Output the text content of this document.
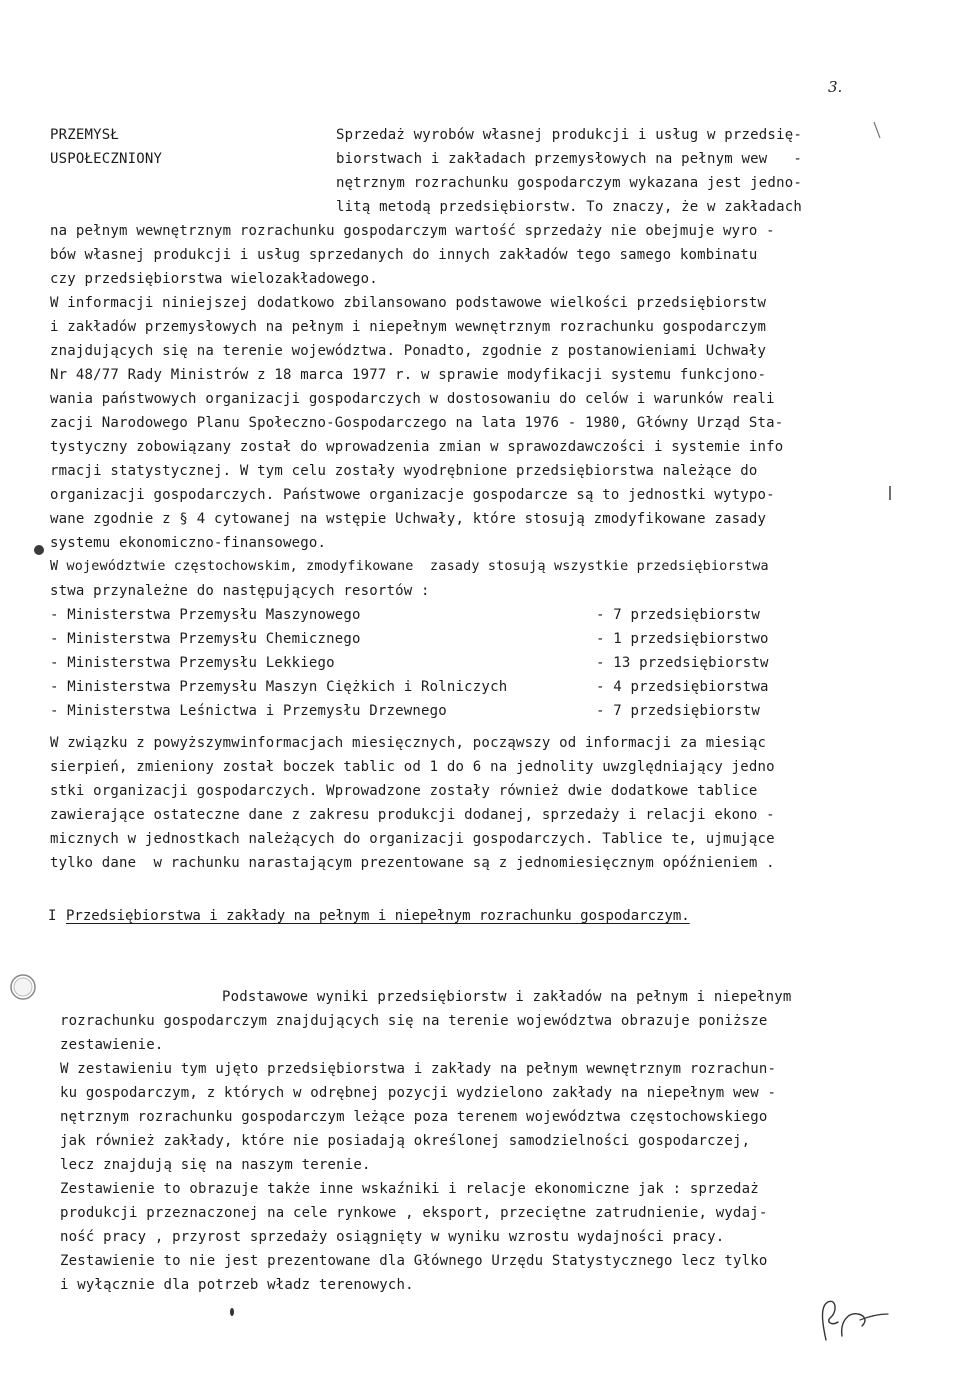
3.
PRZEMYSŁ
USPOŁECZNIONY
Sprzedaż wyrobów własnej produkcji i usług w przedsię-
biorstwach i zakładach przemysłowych na pełnym wew   -
nętrznym rozrachunku gospodarczym wykazana jest jedno-
litą metodą przedsiębiorstw. To znaczy, że w zakładach
na pełnym wewnętrznym rozrachunku gospodarczym wartość sprzedaży nie obejmuje wyro -
bów własnej produkcji i usług sprzedanych do innych zakładów tego samego kombinatu
czy przedsiębiorstwa wielozakładowego.
W informacji niniejszej dodatkowo zbilansowano podstawowe wielkości przedsiębiorstw
i zakładów przemysłowych na pełnym i niepełnym wewnętrznym rozrachunku gospodarczym
znajdujących się na terenie województwa. Ponadto, zgodnie z postanowieniami Uchwały
Nr 48/77 Rady Ministrów z 18 marca 1977 r. w sprawie modyfikacji systemu funkcjono-
wania państwowych organizacji gospodarczych w dostosowaniu do celów i warunków reali
zacji Narodowego Planu Społeczno-Gospodarczego na lata 1976 - 1980, Główny Urząd Sta-
tystyczny zobowiązany został do wprowadzenia zmian w sprawozdawczości i systemie info
rmacji statystycznej. W tym celu zostały wyodrębnione przedsiębiorstwa należące do
organizacji gospodarczych. Państwowe organizacje gospodarcze są to jednostki wytypo-
wane zgodnie z § 4 cytowanej na wstępie Uchwały, które stosują zmodyfikowane zasady
systemu ekonomiczno-finansowego.
W województwie częstochowskim, zmodyfikowane  zasady stosują wszystkie przedsiębiorstwa
stwa przynależne do następujących resortów :
- Ministerstwa Przemysłu Maszynowego	- 7 przedsiębiorstw
- Ministerstwa Przemysłu Chemicznego	- 1 przedsiębiorstwo
- Ministerstwa Przemysłu Lekkiego	- 13 przedsiębiorstw
- Ministerstwa Przemysłu Maszyn Ciężkich i Rolniczych	- 4 przedsiębiorstwa
- Ministerstwa Leśnictwa i Przemysłu Drzewnego	- 7 przedsiębiorstw
W związku z powyższymwinformacjach miesięcznych, począwszy od informacji za miesiąc
sierpień, zmieniony został boczek tablic od 1 do 6 na jednolity uwzględniający jedno
stki organizacji gospodarczych. Wprowadzone zostały również dwie dodatkowe tablice
zawierające ostateczne dane z zakresu produkcji dodanej, sprzedaży i relacji ekono -
micznych w jednostkach należących do organizacji gospodarczych. Tablice te, ujmujące
tylko dane  w rachunku narastającym prezentowane są z jednomiesięcznym opóźnieniem .
I Przedsiębiorstwa i zakłady na pełnym i niepełnym rozrachunku gospodarczym.
Podstawowe wyniki przedsiębiorstw i zakładów na pełnym i niepełnym
rozrachunku gospodarczym znajdujących się na terenie województwa obrazuje poniższe
zestawienie.
W zestawieniu tym ujęto przedsiębiorstwa i zakłady na pełnym wewnętrznym rozrachun-
ku gospodarczym, z których w odrębnej pozycji wydzielono zakłady na niepełnym wew -
nętrznym rozrachunku gospodarczym leżące poza terenem województwa częstochowskiego
jak również zakłady, które nie posiadają określonej samodzielności gospodarczej,
lecz znajdują się na naszym terenie.
Zestawienie to obrazuje także inne wskaźniki i relacje ekonomiczne jak : sprzedaż
produkcji przeznaczonej na cele rynkowe , eksport, przeciętne zatrudnienie, wydaj-
ność pracy , przyrost sprzedaży osiągnięty w wyniku wzrostu wydajności pracy.
Zestawienie to nie jest prezentowane dla Głównego Urzędu Statystycznego lecz tylko
i wyłącznie dla potrzeb władz terenowych.
